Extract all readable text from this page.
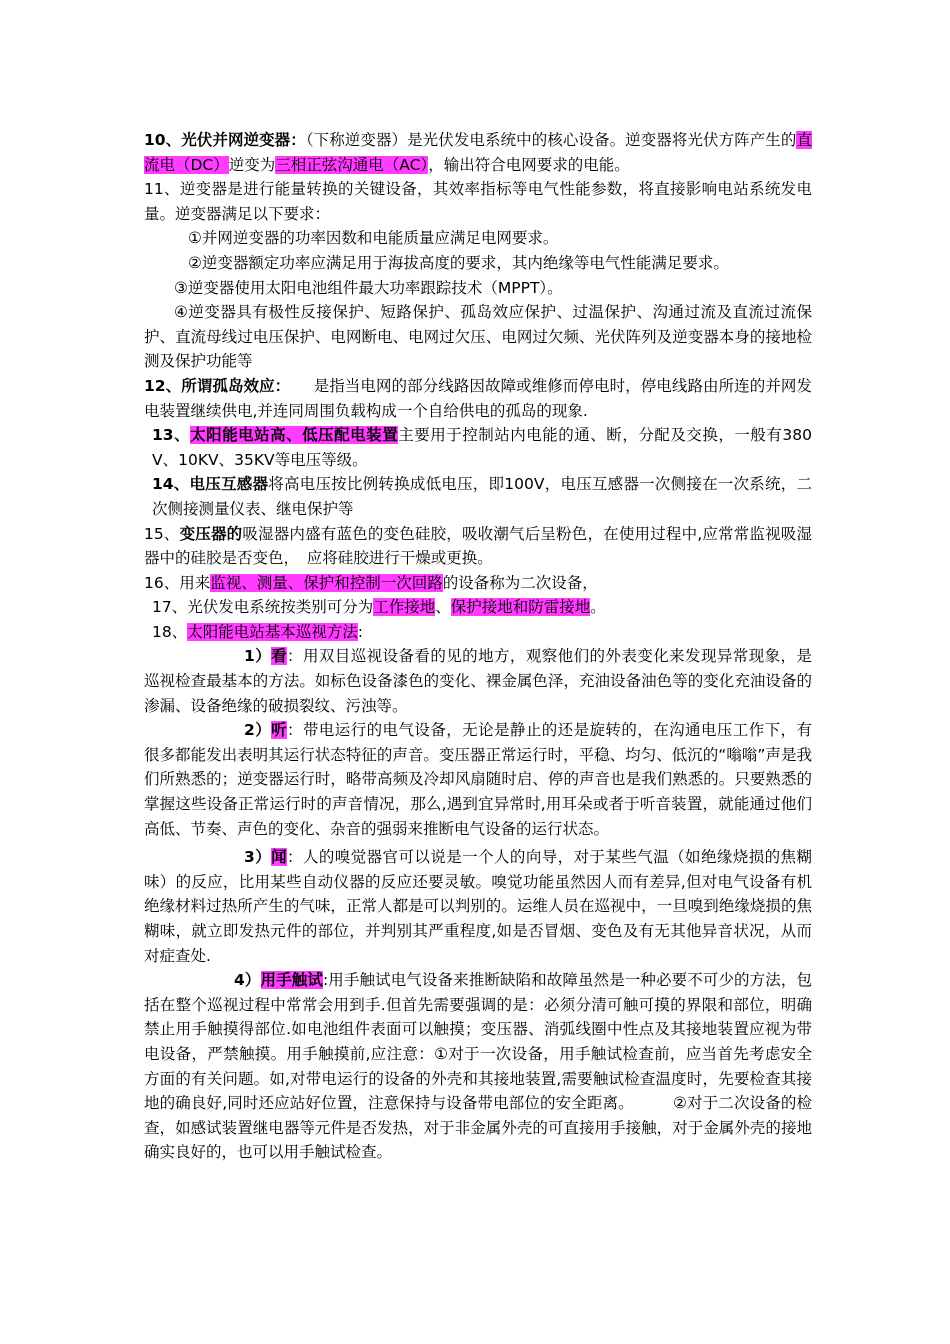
10、光伏并网逆变器：（下称逆变器）是光伏发电系统中的核心设备。逆变器将光伏方阵产生的直流电（DC）逆变为三相正弦沟通电（AC），输出符合电网要求的电能。

11、逆变器是进行能量转换的关键设备，其效率指标等电气性能参数，将直接影响电站系统发电量。逆变器满足以下要求：

①并网逆变器的功率因数和电能质量应满足电网要求。

②逆变器额定功率应满足用于海拔高度的要求，其内绝缘等电气性能满足要求。

③逆变器使用太阳电池组件最大功率跟踪技术（MPPT）。

④逆变器具有极性反接保护、短路保护、孤岛效应保护、过温保护、沟通过流及直流过流保护、直流母线过电压保护、电网断电、电网过欠压、电网过欠频、光伏阵列及逆变器本身的接地检测及保护功能等

12、所谓孤岛效应：　　是指当电网的部分线路因故障或维修而停电时，停电线路由所连的并网发电装置继续供电,并连同周围负载构成一个自给供电的孤岛的现象.

13、太阳能电站高、低压配电装置主要用于控制站内电能的通、断，分配及交换，一般有380V、10KV、35KV等电压等级。

14、电压互感器将高电压按比例转换成低电压，即100V，电压互感器一次侧接在一次系统，二次侧接测量仪表、继电保护等

15、变压器的吸湿器内盛有蓝色的变色硅胶，吸收潮气后呈粉色，在使用过程中,应常常监视吸湿器中的硅胶是否变色，　应将硅胶进行干燥或更换。

16、用来监视、测量、保护和控制一次回路的设备称为二次设备，

17、光伏发电系统按类别可分为工作接地、保护接地和防雷接地。

18、太阳能电站基本巡视方法:

1）看：用双目巡视设备看的见的地方，观察他们的外表变化来发现异常现象，是巡视检查最基本的方法。如标色设备漆色的变化、裸金属色泽，充油设备油色等的变化充油设备的渗漏、设备绝缘的破损裂纹、污浊等。

2）听：带电运行的电气设备，无论是静止的还是旋转的，在沟通电压工作下，有很多都能发出表明其运行状态特征的声音。变压器正常运行时，平稳、均匀、低沉的“嗡嗡”声是我们所熟悉的；逆变器运行时，略带高频及冷却风扇随时启、停的声音也是我们熟悉的。只要熟悉的掌握这些设备正常运行时的声音情况，那么,遇到宜异常时,用耳朵或者于听音装置，就能通过他们高低、节奏、声色的变化、杂音的强弱来推断电气设备的运行状态。

3）闻：人的嗅觉器官可以说是一个人的向导，对于某些气温（如绝缘烧损的焦糊味）的反应，比用某些自动仪器的反应还要灵敏。嗅觉功能虽然因人而有差异,但对电气设备有机绝缘材料过热所产生的气味，正常人都是可以判别的。运维人员在巡视中，一旦嗅到绝缘烧损的焦糊味，就立即发热元件的部位，并判别其严重程度,如是否冒烟、变色及有无其他异音状况，从而对症查处.

4）用手触试:用手触试电气设备来推断缺陷和故障虽然是一种必要不可少的方法，包括在整个巡视过程中常常会用到手.但首先需要强调的是：必须分清可触可摸的界限和部位，明确禁止用手触摸得部位.如电池组件表面可以触摸；变压器、消弧线圈中性点及其接地装置应视为带电设备，严禁触摸。用手触摸前,应注意：①对于一次设备，用手触试检查前，应当首先考虑安全方面的有关问题。如,对带电运行的设备的外壳和其接地装置,需要触试检查温度时，先要检查其接地的确良好,同时还应站好位置，注意保持与设备带电部位的安全距离。　　　②对于二次设备的检查，如感试装置继电器等元件是否发热，对于非金属外壳的可直接用手接触，对于金属外壳的接地确实良好的，也可以用手触试检查。
